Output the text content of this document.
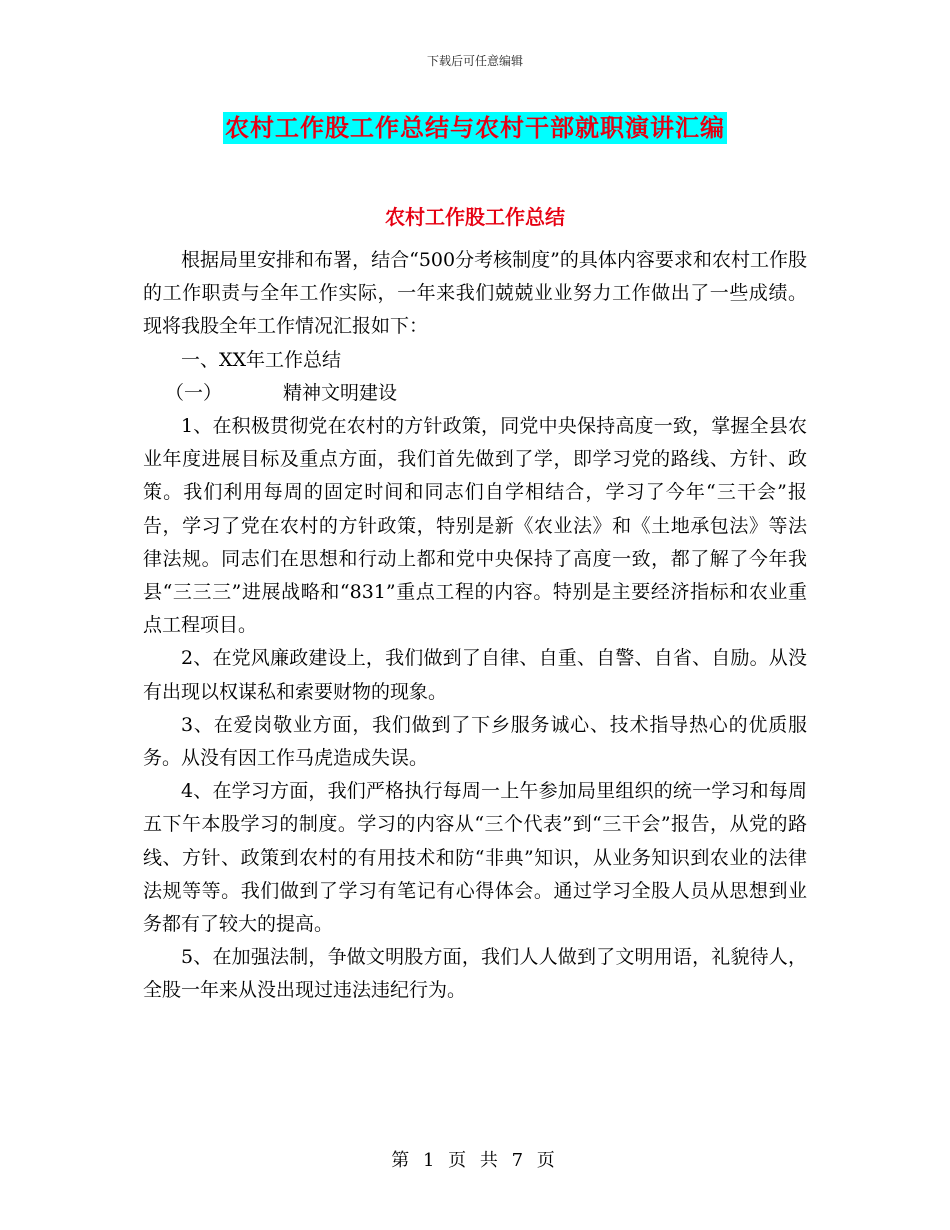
下载后可任意编辑
农村工作股工作总结与农村干部就职演讲汇编
农村工作股工作总结

根据局里安排和布署，结合“500分考核制度”的具体内容要求和农村工作股的工作职责与全年工作实际，一年来我们兢兢业业努力工作做出了一些成绩。现将我股全年工作情况汇报如下：

一、XX年工作总结

（一）	精神文明建设

1、在积极贯彻党在农村的方针政策，同党中央保持高度一致，掌握全县农业年度进展目标及重点方面，我们首先做到了学，即学习党的路线、方针、政策。我们利用每周的固定时间和同志们自学相结合，学习了今年“三干会”报告，学习了党在农村的方针政策，特别是新《农业法》和《土地承包法》等法律法规。同志们在思想和行动上都和党中央保持了高度一致，都了解了今年我县“三三三”进展战略和“831”重点工程的内容。特别是主要经济指标和农业重点工程项目。

2、在党风廉政建设上，我们做到了自律、自重、自警、自省、自励。从没有出现以权谋私和索要财物的现象。

3、在爱岗敬业方面，我们做到了下乡服务诚心、技术指导热心的优质服务。从没有因工作马虎造成失误。

4、在学习方面，我们严格执行每周一上午参加局里组织的统一学习和每周五下午本股学习的制度。学习的内容从“三个代表”到“三干会”报告，从党的路线、方针、政策到农村的有用技术和防“非典”知识，从业务知识到农业的法律法规等等。我们做到了学习有笔记有心得体会。通过学习全股人员从思想到业务都有了较大的提高。

5、在加强法制，争做文明股方面，我们人人做到了文明用语，礼貌待人，全股一年来从没出现过违法违纪行为。

第 1 页 共 7 页
